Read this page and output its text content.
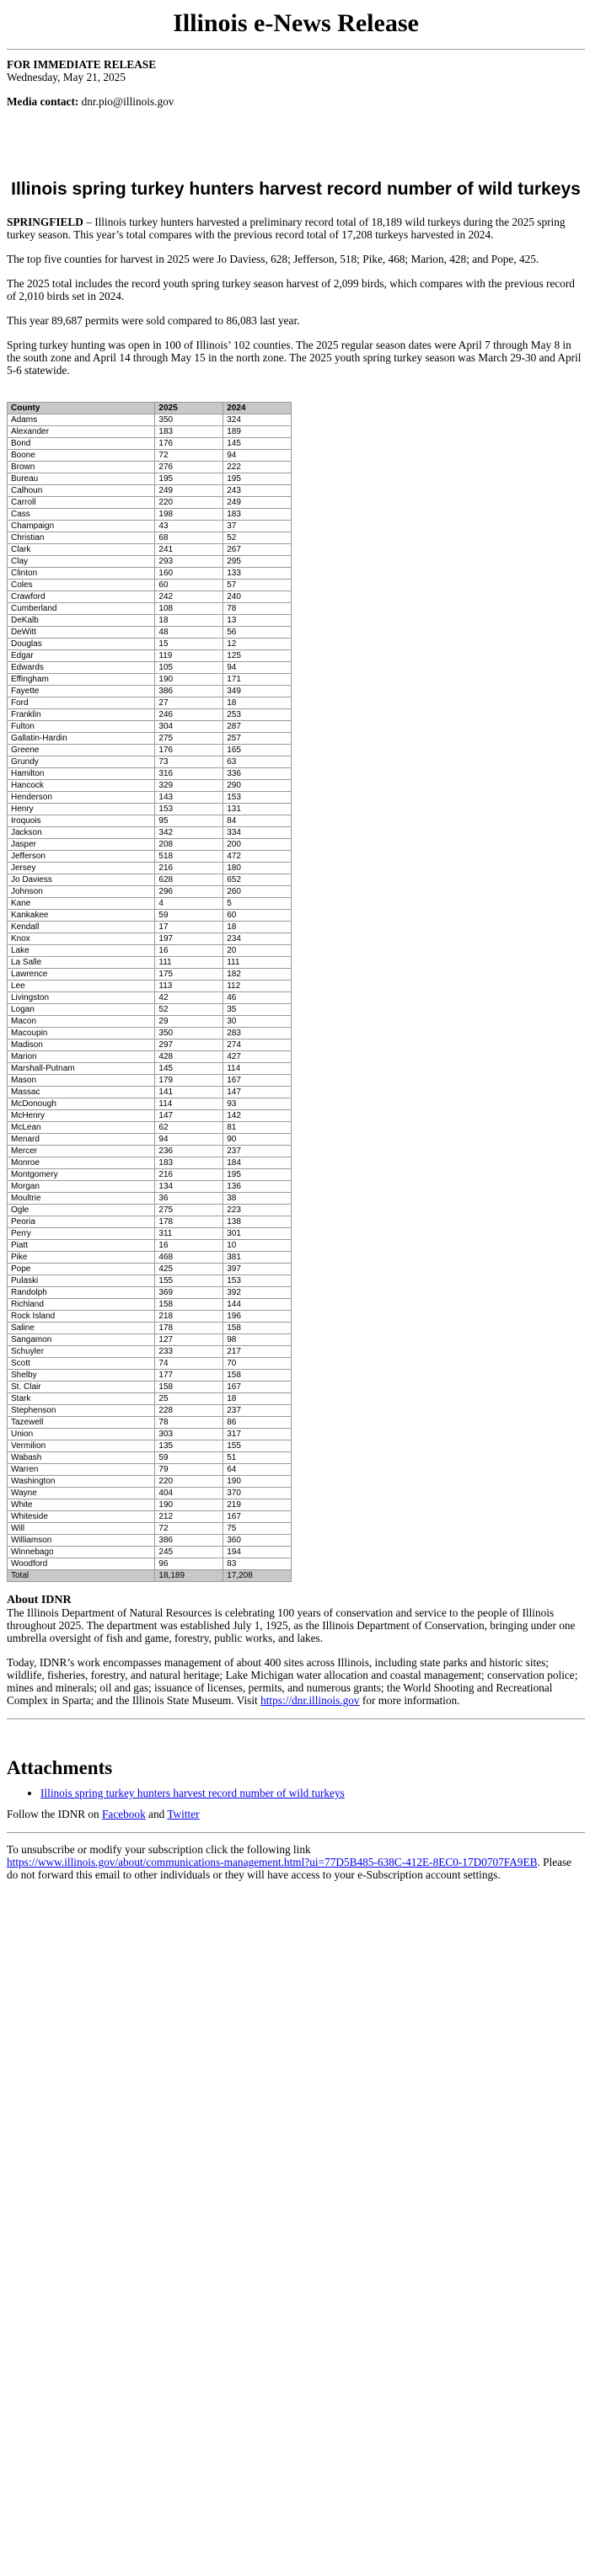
Illinois e-News Release
FOR IMMEDIATE RELEASE
Wednesday, May 21, 2025
Media contact: dnr.pio@illinois.gov
Illinois spring turkey hunters harvest record number of wild turkeys

SPRINGFIELD – Illinois turkey hunters harvested a preliminary record total of 18,189 wild turkeys during the 2025 spring turkey season. This year’s total compares with the previous record total of 17,208 turkeys harvested in 2024.

The top five counties for harvest in 2025 were Jo Daviess, 628; Jefferson, 518; Pike, 468; Marion, 428; and Pope, 425.

The 2025 total includes the record youth spring turkey season harvest of 2,099 birds, which compares with the previous record of 2,010 birds set in 2024.

This year 89,687 permits were sold compared to 86,083 last year.

Spring turkey hunting was open in 100 of Illinois’ 102 counties. The 2025 regular season dates were April 7 through May 8 in the south zone and April 14 through May 15 in the north zone. The 2025 youth spring turkey season was March 29-30 and April 5-6 statewide.

County	2025	2024
Adams	350	324
Alexander	183	189
Bond	176	145
Boone	72	94
Brown	276	222
Bureau	195	195
Calhoun	249	243
Carroll	220	249
Cass	198	183
Champaign	43	37
Christian	68	52
Clark	241	267
Clay	293	295
Clinton	160	133
Coles	60	57
Crawford	242	240
Cumberland	108	78
DeKalb	18	13
DeWitt	48	56
Douglas	15	12
Edgar	119	125
Edwards	105	94
Effingham	190	171
Fayette	386	349
Ford	27	18
Franklin	246	253
Fulton	304	287
Gallatin-Hardin	275	257
Greene	176	165
Grundy	73	63
Hamilton	316	336
Hancock	329	290
Henderson	143	153
Henry	153	131
Iroquois	95	84
Jackson	342	334
Jasper	208	200
Jefferson	518	472
Jersey	216	180
Jo Daviess	628	652
Johnson	296	260
Kane	4	5
Kankakee	59	60
Kendall	17	18
Knox	197	234
Lake	16	20
La Salle	111	111
Lawrence	175	182
Lee	113	112
Livingston	42	46
Logan	52	35
Macon	29	30
Macoupin	350	283
Madison	297	274
Marion	428	427
Marshall-Putnam	145	114
Mason	179	167
Massac	141	147
McDonough	114	93
McHenry	147	142
McLean	62	81
Menard	94	90
Mercer	236	237
Monroe	183	184
Montgomery	216	195
Morgan	134	136
Moultrie	36	38
Ogle	275	223
Peoria	178	138
Perry	311	301
Piatt	16	10
Pike	468	381
Pope	425	397
Pulaski	155	153
Randolph	369	392
Richland	158	144
Rock Island	218	196
Saline	178	158
Sangamon	127	98
Schuyler	233	217
Scott	74	70
Shelby	177	158
St. Clair	158	167
Stark	25	18
Stephenson	228	237
Tazewell	78	86
Union	303	317
Vermilion	135	155
Wabash	59	51
Warren	79	64
Washington	220	190
Wayne	404	370
White	190	219
Whiteside	212	167
Will	72	75
Williamson	386	360
Winnebago	245	194
Woodford	96	83
Total	18,189	17,208
About IDNR

The Illinois Department of Natural Resources is celebrating 100 years of conservation and service to the people of Illinois throughout 2025. The department was established July 1, 1925, as the Illinois Department of Conservation, bringing under one umbrella oversight of fish and game, forestry, public works, and lakes.

Today, IDNR’s work encompasses management of about 400 sites across Illinois, including state parks and historic sites; wildlife, fisheries, forestry, and natural heritage; Lake Michigan water allocation and coastal management; conservation police; mines and minerals; oil and gas; issuance of licenses, permits, and numerous grants; the World Shooting and Recreational Complex in Sparta; and the Illinois State Museum. Visit https://dnr.illinois.gov for more information.

Attachments
• Illinois spring turkey hunters harvest record number of wild turkeys
Follow the IDNR on Facebook and Twitter
To unsubscribe or modify your subscription click the following link
https://www.illinois.gov/about/communications-management.html?ui=77D5B485-638C-412E-8EC0-17D0707FA9EB. Please do not forward this email to other individuals or they will have access to your e-Subscription account settings.
